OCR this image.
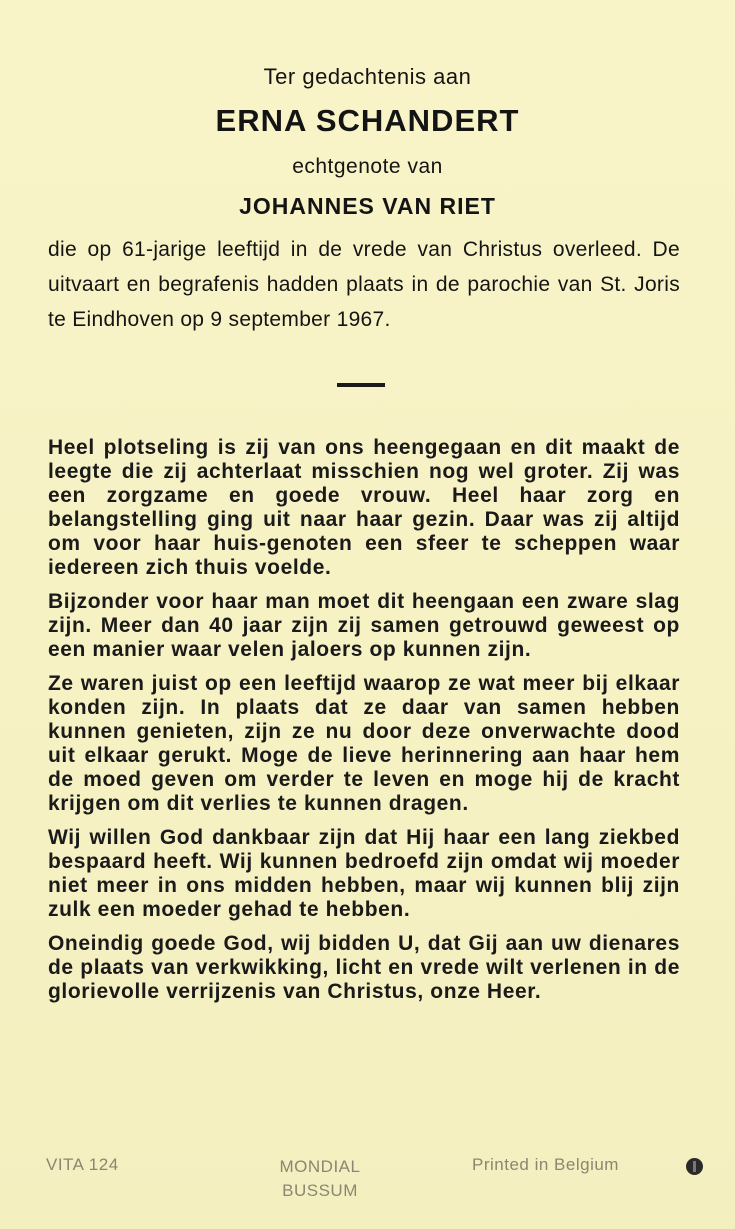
Ter gedachtenis aan
ERNA SCHANDERT
echtgenote van
JOHANNES VAN RIET
die op 61-jarige leeftijd in de vrede van Christus overleed. De uitvaart en begrafenis hadden plaats in de parochie van St. Joris te Eindhoven op 9 september 1967.

Heel plotseling is zij van ons heengegaan en dit maakt de leegte die zij achterlaat misschien nog wel groter. Zij was een zorgzame en goede vrouw. Heel haar zorg en belangstelling ging uit naar haar gezin. Daar was zij altijd om voor haar huis-genoten een sfeer te scheppen waar iedereen zich thuis voelde.

Bijzonder voor haar man moet dit heengaan een zware slag zijn. Meer dan 40 jaar zijn zij samen getrouwd geweest op een manier waar velen jaloers op kunnen zijn.

Ze waren juist op een leeftijd waarop ze wat meer bij elkaar konden zijn. In plaats dat ze daar van samen hebben kunnen genieten, zijn ze nu door deze onverwachte dood uit elkaar gerukt. Moge de lieve herinnering aan haar hem de moed geven om verder te leven en moge hij de kracht krijgen om dit verlies te kunnen dragen.

Wij willen God dankbaar zijn dat Hij haar een lang ziekbed bespaard heeft. Wij kunnen bedroefd zijn omdat wij moeder niet meer in ons midden hebben, maar wij kunnen blij zijn zulk een moeder gehad te hebben.

Oneindig goede God, wij bidden U, dat Gij aan uw dienares de plaats van verkwikking, licht en vrede wilt verlenen in de glorievolle verrijzenis van Christus, onze Heer.

VITA 124	MONDIAL
BUSSUM
Printed in Belgium
